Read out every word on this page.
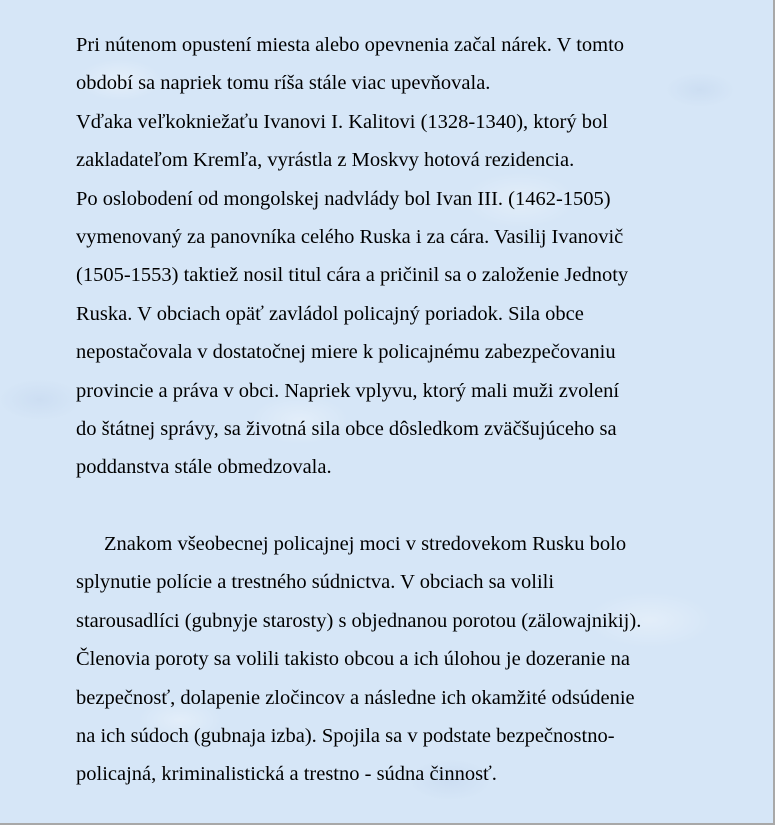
Pri nútenom opustení miesta alebo opevnenia začal nárek. V tomto

období sa napriek tomu ríša stále viac upevňovala.

Vďaka veľkokniežaťu Ivanovi I. Kalitovi (1328-1340), ktorý bol

zakladateľom Kremľa, vyrástla z Moskvy hotová rezidencia.

Po oslobodení od mongolskej nadvlády bol Ivan III. (1462-1505)

vymenovaný za panovníka celého Ruska i za cára. Vasilij Ivanovič

(1505-1553) taktiež nosil titul cára a pričinil sa o založenie Jednoty

Ruska. V obciach opäť zavládol policajný poriadok. Sila obce

nepostačovala v dostatočnej miere k policajnému zabezpečovaniu

provincie a práva v obci. Napriek vplyvu, ktorý mali muži zvolení

do štátnej správy, sa životná sila obce dôsledkom zväčšujúceho sa

poddanstva stále obmedzovala.

Znakom všeobecnej policajnej moci v stredovekom Rusku bolo

splynutie polície a trestného súdnictva. V obciach sa volili

starousadlíci (gubnyje starosty) s objednanou porotou (zälowajnikij).

Členovia poroty sa volili takisto obcou a ich úlohou je dozeranie na

bezpečnosť, dolapenie zločincov a následne ich okamžité odsúdenie

na ich súdoch (gubnaja izba). Spojila sa v podstate bezpečnostno-

policajná, kriminalistická a trestno - súdna činnosť.
